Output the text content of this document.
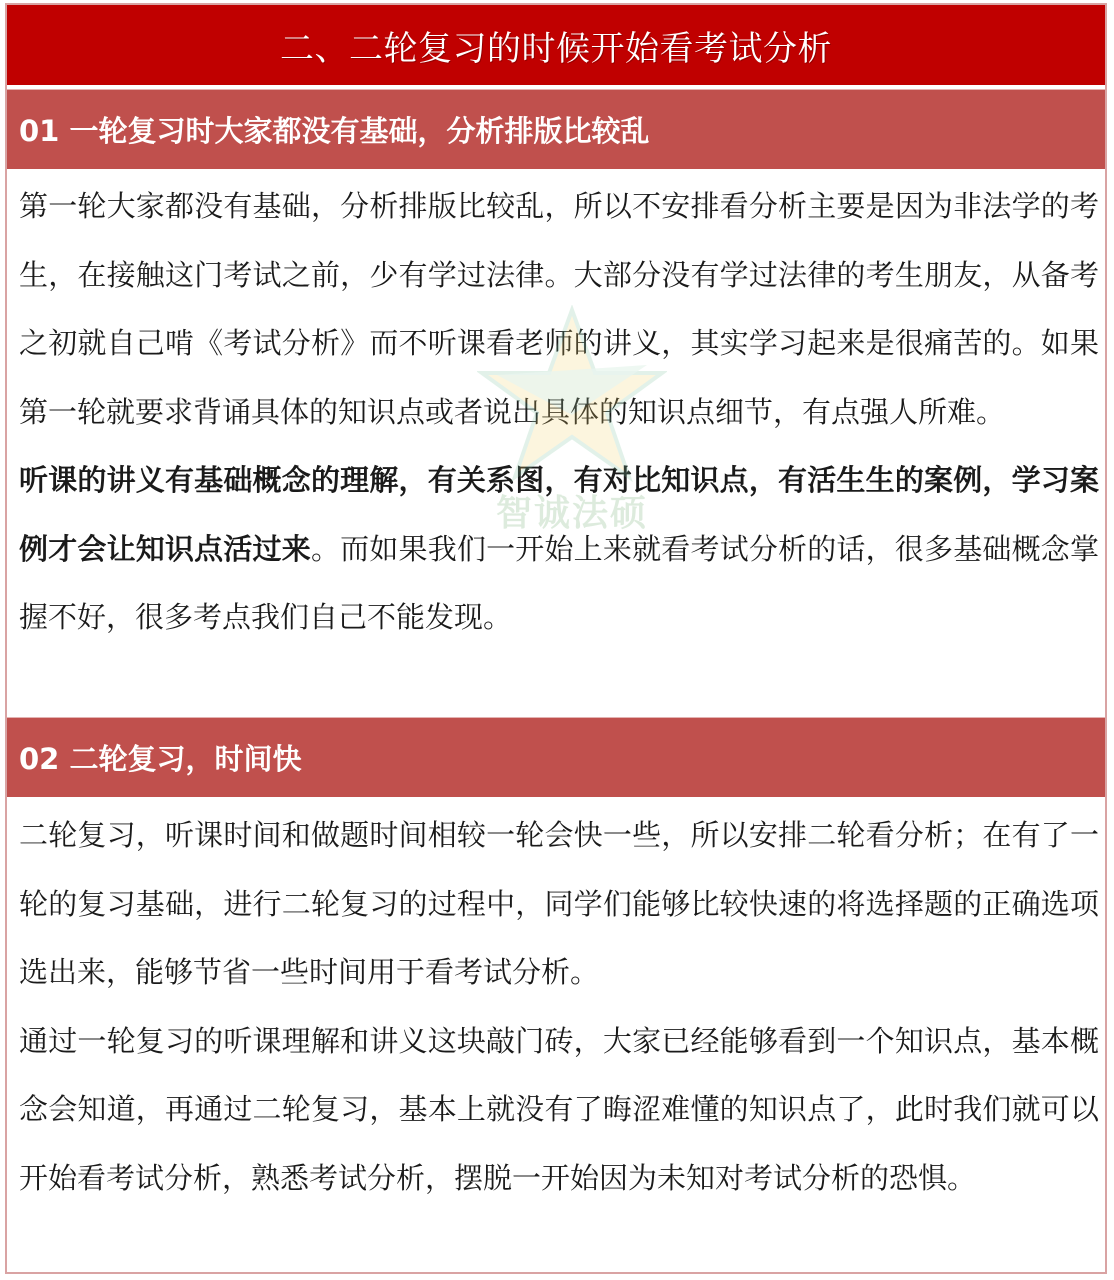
二、二轮复习的时候开始看考试分析
01 一轮复习时大家都没有基础，分析排版比较乱

第一轮大家都没有基础，分析排版比较乱，所以不安排看分析主要是因为非法学的考生，在接触这门考试之前，少有学过法律。大部分没有学过法律的考生朋友，从备考之初就自己啃《考试分析》而不听课看老师的讲义，其实学习起来是很痛苦的。如果第一轮就要求背诵具体的知识点或者说出具体的知识点细节，有点强人所难。

听课的讲义有基础概念的理解，有关系图，有对比知识点，有活生生的案例，学习案例才会让知识点活过来。而如果我们一开始上来就看考试分析的话，很多基础概念掌握不好，很多考点我们自己不能发现。

02 二轮复习，时间快

二轮复习，听课时间和做题时间相较一轮会快一些，所以安排二轮看分析；在有了一轮的复习基础，进行二轮复习的过程中，同学们能够比较快速的将选择题的正确选项选出来，能够节省一些时间用于看考试分析。

通过一轮复习的听课理解和讲义这块敲门砖，大家已经能够看到一个知识点，基本概念会知道，再通过二轮复习，基本上就没有了晦涩难懂的知识点了，此时我们就可以开始看考试分析，熟悉考试分析，摆脱一开始因为未知对考试分析的恐惧。

智诚法硕
